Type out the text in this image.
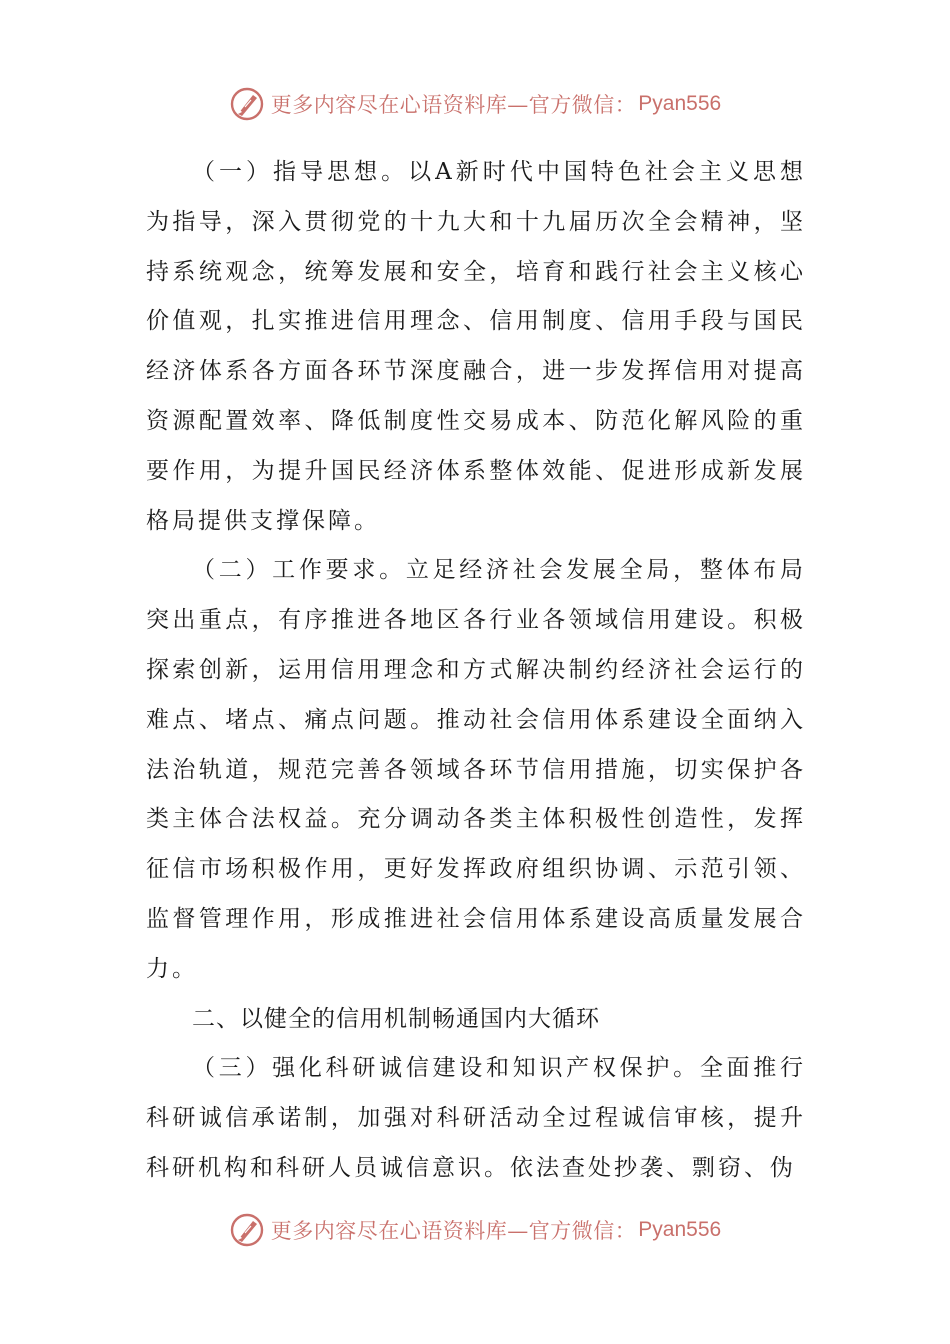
更多内容尽在心语资料库—官方微信： Pyan556

（一）指导思想。以A新时代中国特色社会主义思想为指导，深入贯彻党的十九大和十九届历次全会精神，坚持系统观念，统筹发展和安全，培育和践行社会主义核心价值观，扎实推进信用理念、信用制度、信用手段与国民经济体系各方面各环节深度融合，进一步发挥信用对提高资源配置效率、降低制度性交易成本、防范化解风险的重要作用，为提升国民经济体系整体效能、促进形成新发展格局提供支撑保障。

（二）工作要求。立足经济社会发展全局，整体布局突出重点，有序推进各地区各行业各领域信用建设。积极探索创新，运用信用理念和方式解决制约经济社会运行的难点、堵点、痛点问题。推动社会信用体系建设全面纳入法治轨道，规范完善各领域各环节信用措施，切实保护各类主体合法权益。充分调动各类主体积极性创造性，发挥征信市场积极作用，更好发挥政府组织协调、示范引领、监督管理作用，形成推进社会信用体系建设高质量发展合力。

二、以健全的信用机制畅通国内大循环

（三）强化科研诚信建设和知识产权保护。全面推行科研诚信承诺制，加强对科研活动全过程诚信审核，提升科研机构和科研人员诚信意识。依法查处抄袭、剽窃、伪

更多内容尽在心语资料库—官方微信： Pyan556
